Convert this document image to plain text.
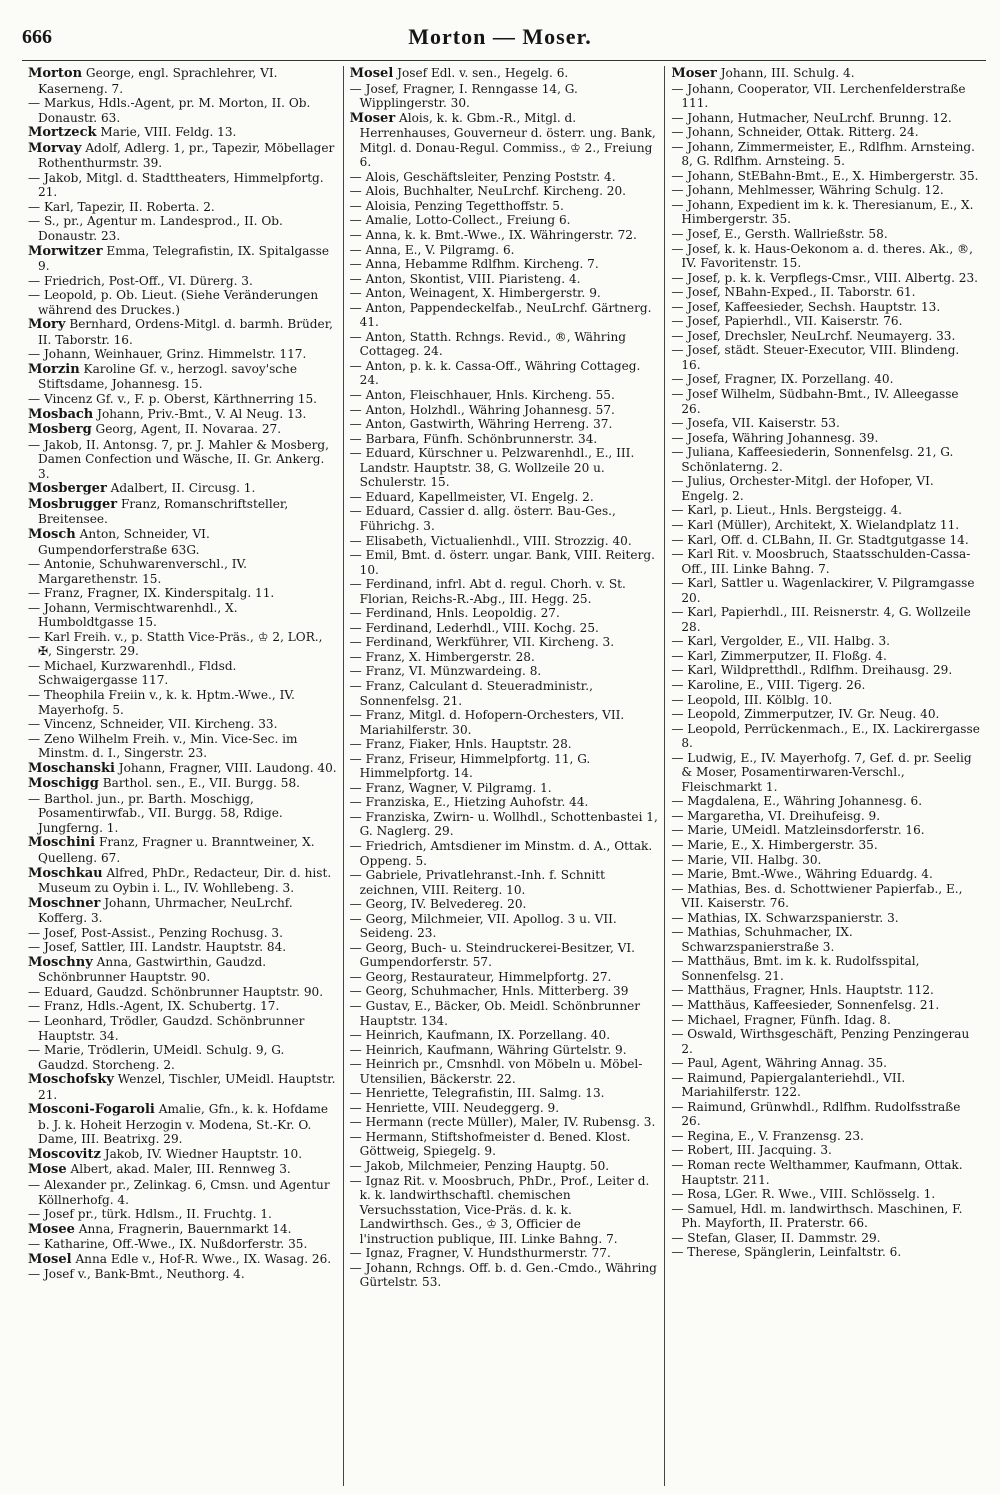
666	Morton — Moser.

Morton George, engl. Sprachlehrer, VI. Kaserneng. 7.

— Markus, Hdls.-Agent, pr. M. Morton, II. Ob. Donaustr. 63.

Mortzeck Marie, VIII. Feldg. 13.

Morvay Adolf, Adlerg. 1, pr., Tapezir, Möbellager Rothenthurmstr. 39.

— Jakob, Mitgl. d. Stadttheaters, Himmelpfortg. 21.

— Karl, Tapezir, II. Roberta. 2.

— S., pr., Agentur m. Landesprod., II. Ob. Donaustr. 23.

Morwitzer Emma, Telegrafistin, IX. Spitalgasse 9.

— Friedrich, Post-Off., VI. Dürerg. 3.

— Leopold, p. Ob. Lieut. (Siehe Veränderungen während des Druckes.)

Mory Bernhard, Ordens-Mitgl. d. barmh. Brüder, II. Taborstr. 16.

— Johann, Weinhauer, Grinz. Himmelstr. 117.

Morzin Karoline Gf. v., herzogl. savoy'sche Stiftsdame, Johannesg. 15.

— Vincenz Gf. v., F. p. Oberst, Kärthnerring 15.

Mosbach Johann, Priv.-Bmt., V. Al Neug. 13.

Mosberg Georg, Agent, II. Novaraa. 27.

— Jakob, II. Antonsg. 7, pr. J. Mahler & Mosberg, Damen Confection und Wäsche, II. Gr. Ankerg. 3.

Mosberger Adalbert, II. Circusg. 1.

Mosbrugger Franz, Romanschriftsteller, Breitensee.

Mosch Anton, Schneider, VI. Gumpendorferstraße 63G.

— Antonie, Schuhwarenverschl., IV. Margarethenstr. 15.

— Franz, Fragner, IX. Kinderspitalg. 11.

— Johann, Vermischtwarenhdl., X. Humboldtgasse 15.

— Karl Freih. v., p. Statth Vice-Präs., ♔ 2, LOR., ✠, Singerstr. 29.

— Michael, Kurzwarenhdl., Fldsd. Schwaigergasse 117.

— Theophila Freiin v., k. k. Hptm.-Wwe., IV. Mayerhofg. 5.

— Vincenz, Schneider, VII. Kircheng. 33.

— Zeno Wilhelm Freih. v., Min. Vice-Sec. im Minstm. d. I., Singerstr. 23.

Moschanski Johann, Fragner, VIII. Laudong. 40.

Moschigg Barthol. sen., E., VII. Burgg. 58.

— Barthol. jun., pr. Barth. Moschigg, Posamentirwfab., VII. Burgg. 58, Rdige. Jungferng. 1.

Moschini Franz, Fragner u. Branntweiner, X. Quelleng. 67.

Moschkau Alfred, PhDr., Redacteur, Dir. d. hist. Museum zu Oybin i. L., IV. Wohllebeng. 3.

Moschner Johann, Uhrmacher, NeuLrchf. Kofferg. 3.

— Josef, Post-Assist., Penzing Rochusg. 3.

— Josef, Sattler, III. Landstr. Hauptstr. 84.

Moschny Anna, Gastwirthin, Gaudzd. Schönbrunner Hauptstr. 90.

— Eduard, Gaudzd. Schönbrunner Hauptstr. 90.

— Franz, Hdls.-Agent, IX. Schubertg. 17.

— Leonhard, Trödler, Gaudzd. Schönbrunner Hauptstr. 34.

— Marie, Trödlerin, UMeidl. Schulg. 9, G. Gaudzd. Storcheng. 2.

Moschofsky Wenzel, Tischler, UMeidl. Hauptstr. 21.

Mosconi-Fogaroli Amalie, Gfn., k. k. Hofdame b. J. k. Hoheit Herzogin v. Modena, St.-Kr. O. Dame, III. Beatrixg. 29.

Moscovitz Jakob, IV. Wiedner Hauptstr. 10.

Mose Albert, akad. Maler, III. Rennweg 3.

— Alexander pr., Zelinkag. 6, Cmsn. und Agentur Köllnerhofg. 4.

— Josef pr., türk. Hdlsm., II. Fruchtg. 1.

Mosee Anna, Fragnerin, Bauernmarkt 14.

— Katharine, Off.-Wwe., IX. Nußdorferstr. 35.

Mosel Anna Edle v., Hof-R. Wwe., IX. Wasag. 26.

— Josef v., Bank-Bmt., Neuthorg. 4.

Mosel Josef Edl. v. sen., Hegelg. 6.

— Josef, Fragner, I. Renngasse 14, G. Wipplingerstr. 30.

Moser Alois, k. k. Gbm.-R., Mitgl. d. Herrenhauses, Gouverneur d. österr. ung. Bank, Mitgl. d. Donau-Regul. Commiss., ♔ 2., Freiung 6.

— Alois, Geschäftsleiter, Penzing Poststr. 4.

— Alois, Buchhalter, NeuLrchf. Kircheng. 20.

— Aloisia, Penzing Tegetthoffstr. 5.

— Amalie, Lotto-Collect., Freiung 6.

— Anna, k. k. Bmt.-Wwe., IX. Währingerstr. 72.

— Anna, E., V. Pilgramg. 6.

— Anna, Hebamme Rdlfhm. Kircheng. 7.

— Anton, Skontist, VIII. Piaristeng. 4.

— Anton, Weinagent, X. Himbergerstr. 9.

— Anton, Pappendeckelfab., NeuLrchf. Gärtnerg. 41.

— Anton, Statth. Rchngs. Revid., ®, Währing Cottageg. 24.

— Anton, p. k. k. Cassa-Off., Währing Cottageg. 24.

— Anton, Fleischhauer, Hnls. Kircheng. 55.

— Anton, Holzhdl., Währing Johannesg. 57.

— Anton, Gastwirth, Währing Herreng. 37.

— Barbara, Fünfh. Schönbrunnerstr. 34.

— Eduard, Kürschner u. Pelzwarenhdl., E., III. Landstr. Hauptstr. 38, G. Wollzeile 20 u. Schulerstr. 15.

— Eduard, Kapellmeister, VI. Engelg. 2.

— Eduard, Cassier d. allg. österr. Bau-Ges., Führichg. 3.

— Elisabeth, Victualienhdl., VIII. Strozzig. 40.

— Emil, Bmt. d. österr. ungar. Bank, VIII. Reiterg. 10.

— Ferdinand, infrl. Abt d. regul. Chorh. v. St. Florian, Reichs-R.-Abg., III. Hegg. 25.

— Ferdinand, Hnls. Leopoldig. 27.

— Ferdinand, Lederhdl., VIII. Kochg. 25.

— Ferdinand, Werkführer, VII. Kircheng. 3.

— Franz, X. Himbergerstr. 28.

— Franz, VI. Münzwardeing. 8.

— Franz, Calculant d. Steueradministr., Sonnenfelsg. 21.

— Franz, Mitgl. d. Hofopern-Orchesters, VII. Mariahilferstr. 30.

— Franz, Fiaker, Hnls. Hauptstr. 28.

— Franz, Friseur, Himmelpfortg. 11, G. Himmelpfortg. 14.

— Franz, Wagner, V. Pilgramg. 1.

— Franziska, E., Hietzing Auhofstr. 44.

— Franziska, Zwirn- u. Wollhdl., Schottenbastei 1, G. Naglerg. 29.

— Friedrich, Amtsdiener im Minstm. d. A., Ottak. Oppeng. 5.

— Gabriele, Privatlehranst.-Inh. f. Schnitt zeichnen, VIII. Reiterg. 10.

— Georg, IV. Belvedereg. 20.

— Georg, Milchmeier, VII. Apollog. 3 u. VII. Seideng. 23.

— Georg, Buch- u. Steindruckerei-Besitzer, VI. Gumpendorferstr. 57.

— Georg, Restaurateur, Himmelpfortg. 27.

— Georg, Schuhmacher, Hnls. Mitterberg. 39

— Gustav, E., Bäcker, Ob. Meidl. Schönbrunner Hauptstr. 134.

— Heinrich, Kaufmann, IX. Porzellang. 40.

— Heinrich, Kaufmann, Währing Gürtelstr. 9.

— Heinrich pr., Cmsnhdl. von Möbeln u. Möbel-Utensilien, Bäckerstr. 22.

— Henriette, Telegrafistin, III. Salmg. 13.

— Henriette, VIII. Neudeggerg. 9.

— Hermann (recte Müller), Maler, IV. Rubensg. 3.

— Hermann, Stiftshofmeister d. Bened. Klost. Göttweig, Spiegelg. 9.

— Jakob, Milchmeier, Penzing Hauptg. 50.

— Ignaz Rit. v. Moosbruch, PhDr., Prof., Leiter d. k. k. landwirthschaftl. chemischen Versuchsstation, Vice-Präs. d. k. k. Landwirthsch. Ges., ♔ 3, Officier de l'instruction publique, III. Linke Bahng. 7.

— Ignaz, Fragner, V. Hundsthurmerstr. 77.

— Johann, Rchngs. Off. b. d. Gen.-Cmdo., Währing Gürtelstr. 53.

Moser Johann, III. Schulg. 4.

— Johann, Cooperator, VII. Lerchenfelderstraße 111.

— Johann, Hutmacher, NeuLrchf. Brunng. 12.

— Johann, Schneider, Ottak. Ritterg. 24.

— Johann, Zimmermeister, E., Rdlfhm. Arnsteing. 8, G. Rdlfhm. Arnsteing. 5.

— Johann, StEBahn-Bmt., E., X. Himbergerstr. 35.

— Johann, Mehlmesser, Währing Schulg. 12.

— Johann, Expedient im k. k. Theresianum, E., X. Himbergerstr. 35.

— Josef, E., Gersth. Wallrießstr. 58.

— Josef, k. k. Haus-Oekonom a. d. theres. Ak., ®, IV. Favoritenstr. 15.

— Josef, p. k. k. Verpflegs-Cmsr., VIII. Albertg. 23.

— Josef, NBahn-Exped., II. Taborstr. 61.

— Josef, Kaffeesieder, Sechsh. Hauptstr. 13.

— Josef, Papierhdl., VII. Kaiserstr. 76.

— Josef, Drechsler, NeuLrchf. Neumayerg. 33.

— Josef, städt. Steuer-Executor, VIII. Blindeng. 16.

— Josef, Fragner, IX. Porzellang. 40.

— Josef Wilhelm, Südbahn-Bmt., IV. Alleegasse 26.

— Josefa, VII. Kaiserstr. 53.

— Josefa, Währing Johannesg. 39.

— Juliana, Kaffeesiederin, Sonnenfelsg. 21, G. Schönlaterng. 2.

— Julius, Orchester-Mitgl. der Hofoper, VI. Engelg. 2.

— Karl, p. Lieut., Hnls. Bergsteigg. 4.

— Karl (Müller), Architekt, X. Wielandplatz 11.

— Karl, Off. d. CLBahn, II. Gr. Stadtgutgasse 14.

— Karl Rit. v. Moosbruch, Staatsschulden-Cassa-Off., III. Linke Bahng. 7.

— Karl, Sattler u. Wagenlackirer, V. Pilgramgasse 20.

— Karl, Papierhdl., III. Reisnerstr. 4, G. Wollzeile 28.

— Karl, Vergolder, E., VII. Halbg. 3.

— Karl, Zimmerputzer, II. Floßg. 4.

— Karl, Wildpretthdl., Rdlfhm. Dreihausg. 29.

— Karoline, E., VIII. Tigerg. 26.

— Leopold, III. Kölblg. 10.

— Leopold, Zimmerputzer, IV. Gr. Neug. 40.

— Leopold, Perrückenmach., E., IX. Lackirergasse 8.

— Ludwig, E., IV. Mayerhofg. 7, Gef. d. pr. Seelig & Moser, Posamentirwaren-Verschl., Fleischmarkt 1.

— Magdalena, E., Währing Johannesg. 6.

— Margaretha, VI. Dreihufeisg. 9.

— Marie, UMeidl. Matzleinsdorferstr. 16.

— Marie, E., X. Himbergerstr. 35.

— Marie, VII. Halbg. 30.

— Marie, Bmt.-Wwe., Währing Eduardg. 4.

— Mathias, Bes. d. Schottwiener Papierfab., E., VII. Kaiserstr. 76.

— Mathias, IX. Schwarzspanierstr. 3.

— Mathias, Schuhmacher, IX. Schwarzspanierstraße 3.

— Matthäus, Bmt. im k. k. Rudolfsspital, Sonnenfelsg. 21.

— Matthäus, Fragner, Hnls. Hauptstr. 112.

— Matthäus, Kaffeesieder, Sonnenfelsg. 21.

— Michael, Fragner, Fünfh. Idag. 8.

— Oswald, Wirthsgeschäft, Penzing Penzingerau 2.

— Paul, Agent, Währing Annag. 35.

— Raimund, Papiergalanteriehdl., VII. Mariahilferstr. 122.

— Raimund, Grünwhdl., Rdlfhm. Rudolfsstraße 26.

— Regina, E., V. Franzensg. 23.

— Robert, III. Jacquing. 3.

— Roman recte Welthammer, Kaufmann, Ottak. Hauptstr. 211.

— Rosa, LGer. R. Wwe., VIII. Schlösselg. 1.

— Samuel, Hdl. m. landwirthsch. Maschinen, F. Ph. Mayforth, II. Praterstr. 66.

— Stefan, Glaser, II. Dammstr. 29.

— Therese, Spänglerin, Leinfaltstr. 6.
